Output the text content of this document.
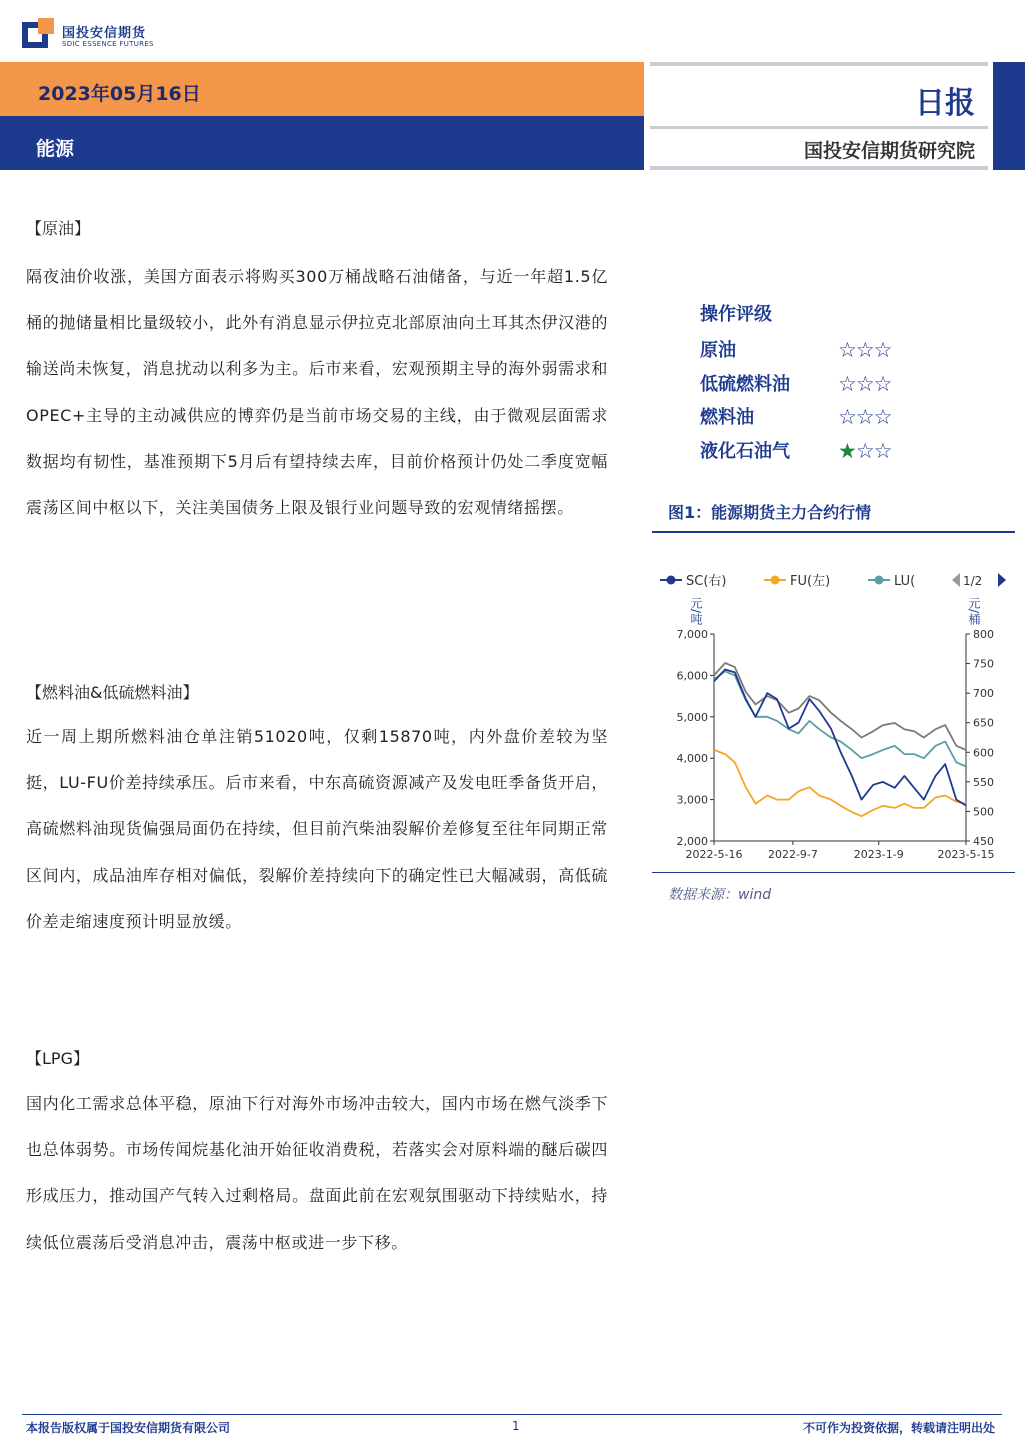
国投安信期货
SDIC ESSENCE FUTURES
2023年05月16日
能源
日报
国投安信期货研究院

【原油】

隔夜油价收涨，美国方面表示将购买300万桶战略石油储备，与近一年超1.5亿桶的抛储量相比量级较小，此外有消息显示伊拉克北部原油向土耳其杰伊汉港的输送尚未恢复，消息扰动以利多为主。后市来看，宏观预期主导的海外弱需求和OPEC+主导的主动减供应的博弈仍是当前市场交易的主线，由于微观层面需求数据均有韧性，基准预期下5月后有望持续去库，目前价格预计仍处二季度宽幅震荡区间中枢以下，关注美国债务上限及银行业问题导致的宏观情绪摇摆。

【燃料油&低硫燃料油】

近一周上期所燃料油仓单注销51020吨，仅剩15870吨，内外盘价差较为坚挺，LU-FU价差持续承压。后市来看，中东高硫资源减产及发电旺季备货开启，高硫燃料油现货偏强局面仍在持续，但目前汽柴油裂解价差修复至往年同期正常区间内，成品油库存相对偏低，裂解价差持续向下的确定性已大幅减弱，高低硫价差走缩速度预计明显放缓。

【LPG】

国内化工需求总体平稳，原油下行对海外市场冲击较大，国内市场在燃气淡季下也总体弱势。市场传闻烷基化油开始征收消费税，若落实会对原料端的醚后碳四形成压力，推动国产气转入过剩格局。盘面此前在宏观氛围驱动下持续贴水，持续低位震荡后受消息冲击，震荡中枢或进一步下移。

操作评级
原油	☆☆☆
低硫燃料油 ☆☆☆
燃料油	☆☆☆
液化石油气 ★☆☆
图1：能源期货主力合约行情
SC(右)	FU(左)	LU(	1/2
元/吨	元/桶
7,000
6,000
5,000
4,000
3,000
2,000
800
750
700
650
600
550
500
450
2022-5-16 2022-9-7	2023-1-9	2023-5-15
数据来源：wind
本报告版权属于国投安信期货有限公司	1	不可作为投资依据，转载请注明出处
